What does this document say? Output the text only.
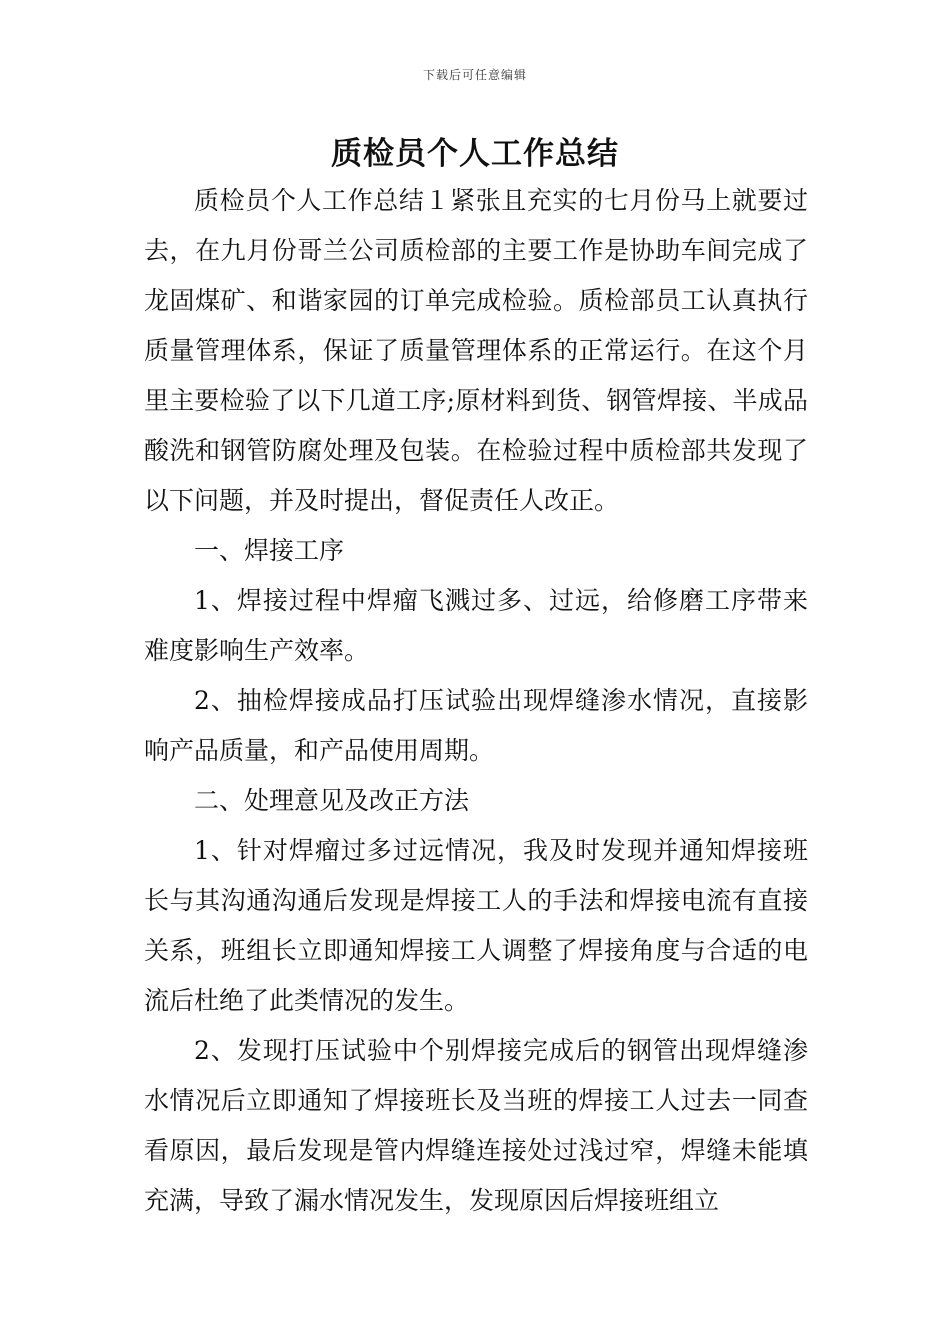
下载后可任意编辑
质检员个人工作总结

质检员个人工作总结１紧张且充实的七月份马上就要过去，在九月份哥兰公司质检部的主要工作是协助车间完成了龙固煤矿、和谐家园的订单完成检验。质检部员工认真执行质量管理体系，保证了质量管理体系的正常运行。在这个月里主要检验了以下几道工序;原材料到货、钢管焊接、半成品酸洗和钢管防腐处理及包装。在检验过程中质检部共发现了以下问题，并及时提出，督促责任人改正。

一、焊接工序

1、焊接过程中焊瘤飞溅过多、过远，给修磨工序带来难度影响生产效率。

2、抽检焊接成品打压试验出现焊缝渗水情况，直接影响产品质量，和产品使用周期。

二、处理意见及改正方法

1、针对焊瘤过多过远情况，我及时发现并通知焊接班长与其沟通沟通后发现是焊接工人的手法和焊接电流有直接关系，班组长立即通知焊接工人调整了焊接角度与合适的电流后杜绝了此类情况的发生。

2、发现打压试验中个别焊接完成后的钢管出现焊缝渗水情况后立即通知了焊接班长及当班的焊接工人过去一同查看原因，最后发现是管内焊缝连接处过浅过窄，焊缝未能填充满，导致了漏水情况发生，发现原因后焊接班组立
